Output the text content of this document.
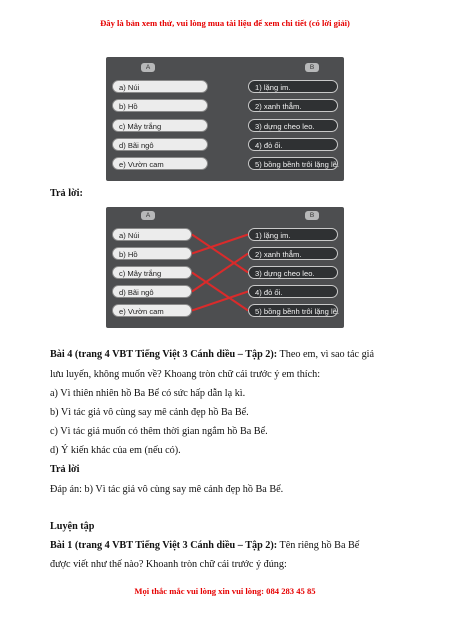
Đây là bản xem thử, vui lòng mua tài liệu để xem chi tiết (có lời giải)
A	B
a) Núi
b) Hồ
c) Mây trắng
d) Bãi ngô
e) Vườn cam
1) lặng im.
2) xanh thẳm.
3) dựng cheo leo.
4) đỏ ối.
5) bồng bềnh trôi lặng lẽ.
Trả lời:
A	B
a) Núi
b) Hồ
c) Mây trắng
d) Bãi ngô
e) Vườn cam
1) lặng im.
2) xanh thẳm.
3) dựng cheo leo.
4) đỏ ối.
5) bồng bềnh trôi lặng lẽ.
Bài 4 (trang 4 VBT Tiếng Việt 3 Cánh diều – Tập 2): Theo em, vì sao tác giả
lưu luyến, không muốn về? Khoang tròn chữ cái trước ý em thích:
a) Vì thiên nhiên hồ Ba Bể có sức hấp dẫn lạ kì.
b) Vì tác giả vô cùng say mê cảnh đẹp hồ Ba Bể.
c) Vì tác giả muốn có thêm thời gian ngắm hồ Ba Bể.
d) Ý kiến khác của em (nếu có).
Trả lời
Đáp án: b) Vì tác giả vô cùng say mê cảnh đẹp hồ Ba Bể.
Luyện tập
Bài 1 (trang 4 VBT Tiếng Việt 3 Cánh diều – Tập 2): Tên riêng hồ Ba Bể
được viết như thế nào? Khoanh tròn chữ cái trước ý đúng:
Mọi thắc mắc vui lòng xin vui lòng: 084 283 45 85
